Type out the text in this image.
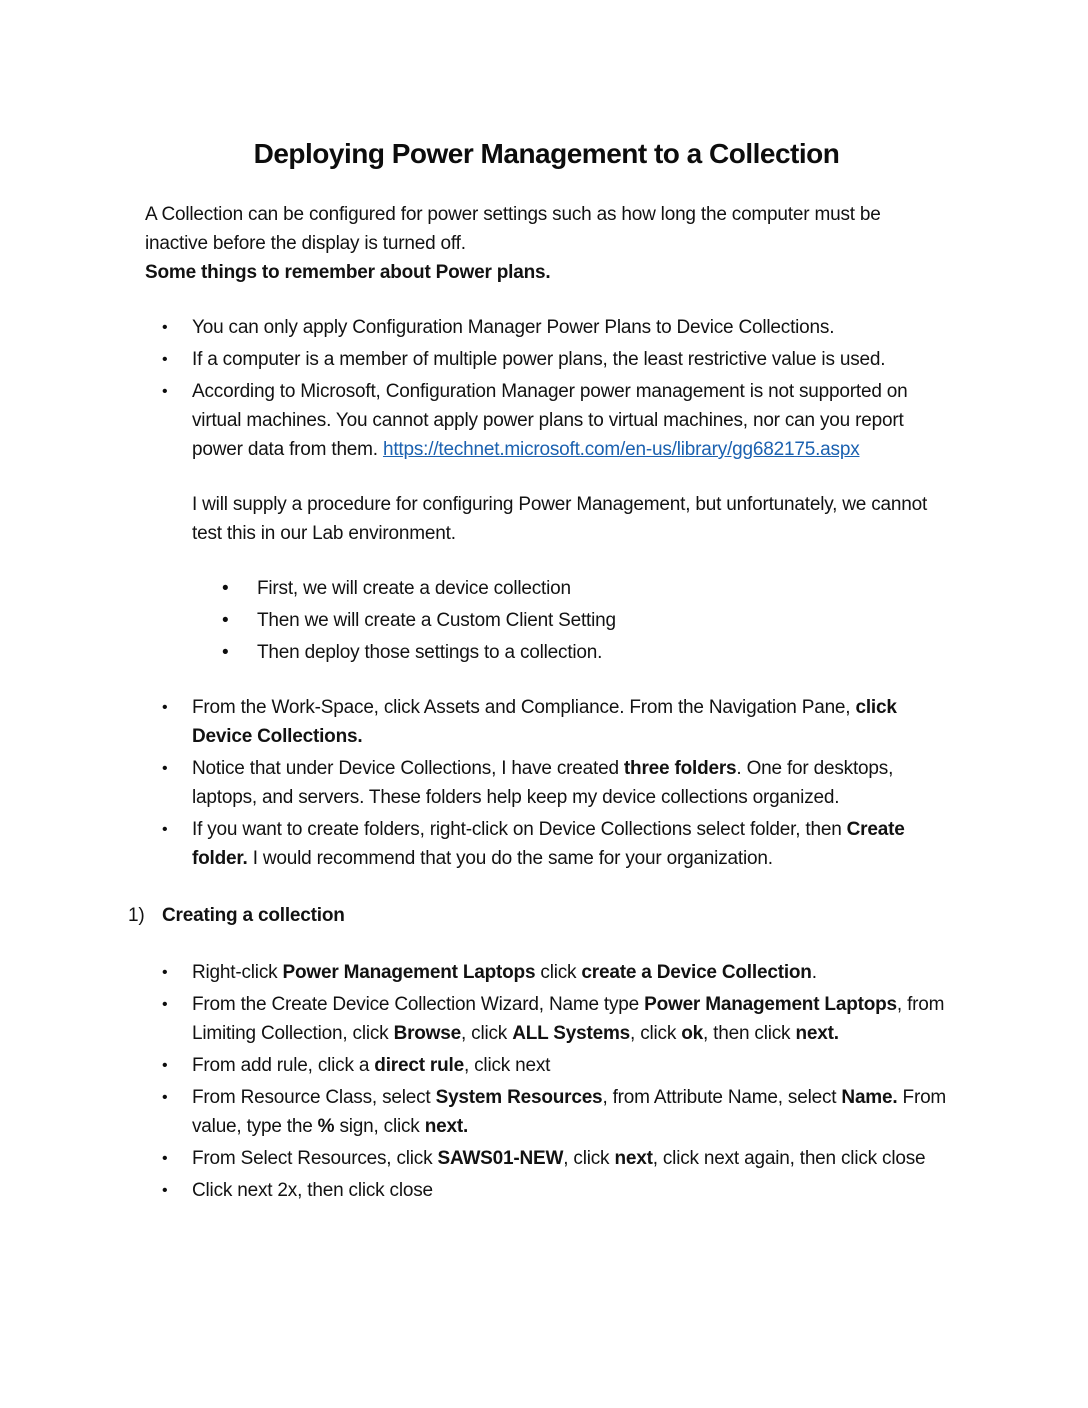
Deploying Power Management to a Collection

A Collection can be configured for power settings such as how long the computer must be inactive before the display is turned off.

Some things to remember about Power plans.

•	You can only apply Configuration Manager Power Plans to Device Collections.
•	If a computer is a member of multiple power plans, the least restrictive value is used.
•	According to Microsoft, Configuration Manager power management is not supported on virtual machines. You cannot apply power plans to virtual machines, nor can you report power data from them. https://technet.microsoft.com/en-us/library/gg682175.aspx

I will supply a procedure for configuring Power Management, but unfortunately, we cannot test this in our Lab environment.

•	First, we will create a device collection
•	Then we will create a Custom Client Setting
•	Then deploy those settings to a collection.
•	From the Work-Space, click Assets and Compliance. From the Navigation Pane, click Device Collections.
•	Notice that under Device Collections, I have created three folders. One for desktops, laptops, and servers. These folders help keep my device collections organized.
•	If you want to create folders, right-click on Device Collections select folder, then Create folder. I would recommend that you do the same for your organization.
1) Creating a collection
•	Right-click Power Management Laptops click create a Device Collection.
•	From the Create Device Collection Wizard, Name type Power Management Laptops, from Limiting Collection, click Browse, click ALL Systems, click ok, then click next.
•	From add rule, click a direct rule, click next
•	From Resource Class, select System Resources, from Attribute Name, select Name. From value, type the % sign, click next.
•	From Select Resources, click SAWS01-NEW, click next, click next again, then click close
•	Click next 2x, then click close
